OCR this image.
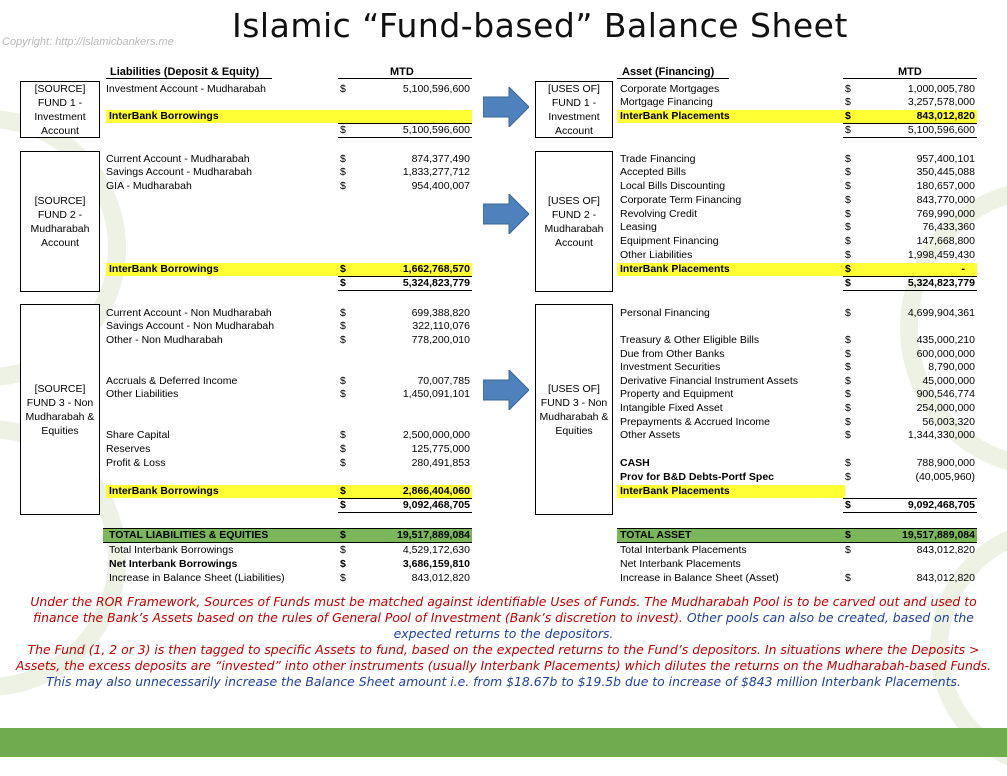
Copyright: http://islamicbankers.me Islamic “Fund-based” Balance Sheet
Liabilities (Deposit & Equity)	MTD	Asset (Financing)	MTD
[SOURCE] FUND 1 - Investment Account
[USES OF] FUND 1 - Investment Account
[SOURCE] FUND 2 - Mudharabah Account
[USES OF] FUND 2 - Mudharabah Account
[SOURCE] FUND 3 - Non Mudharabah & Equities
[USES OF] FUND 3 - Non Mudharabah & Equities
Investment Account - Mudharabah	$	5,100,596,600
InterBank Borrowings
$	5,100,596,600
Current Account - Mudharabah	$	874,377,490
Savings Account - Mudharabah	$	1,833,277,712
GIA - Mudharabah	$	954,400,007
InterBank Borrowings	$	1,662,768,570
$	5,324,823,779
Current Account - Non Mudharabah	$	699,388,820
Savings Account - Non Mudharabah	$	322,110,076
Other - Non Mudharabah	$	778,200,010
Accruals & Deferred Income	$	70,007,785
Other Liabilities	$	1,450,091,101
Share Capital	$	2,500,000,000
Reserves	$	125,775,000
Profit & Loss	$	280,491,853
InterBank Borrowings	$	2,866,404,060
$	9,092,468,705
Corporate Mortgages	$	1,000,005,780
Mortgage Financing	$	3,257,578,000
InterBank Placements	$	843,012,820
$	5,100,596,600
Trade Financing	$	957,400,101
Accepted Bills	$	350,445,088
Local Bills Discounting	$	180,657,000
Corporate Term Financing	$	843,770,000
Revolving Credit	$	769,990,000
Leasing	$	76,433,360
Equipment Financing	$	147,668,800
Other Liabilities	$	1,998,459,430
InterBank Placements	$	-
$	5,324,823,779
Personal Financing	$	4,699,904,361
Treasury & Other Eligible Bills	$	435,000,210
Due from Other Banks	$	600,000,000
Investment Securities	$	8,790,000
Derivative Financial Instrument Assets	$	45,000,000
Property and Equipment	$	900,546,774
Intangible Fixed Asset	$	254,000,000
Prepayments & Accrued Income	$	56,003,320
Other Assets	$	1,344,330,000
CASH	$	788,900,000
Prov for B&D Debts-Portf Spec	$	(40,005,960)
InterBank Placements
$	9,092,468,705
TOTAL LIABILITIES & EQUITIES	$	19,517,889,084	TOTAL ASSET	$	19,517,889,084
Total Interbank Borrowings	$	4,529,172,630
Net Interbank Borrowings	$	3,686,159,810
Increase in Balance Sheet (Liabilities)	$	843,012,820
Total Interbank Placements	$	843,012,820
Net Interbank Placements
Increase in Balance Sheet (Asset)	$	843,012,820
Under the ROR Framework, Sources of Funds must be matched against identifiable Uses of Funds. The Mudharabah Pool is to be carved out and used to finance the Bank’s Assets based on the rules of General Pool of Investment (Bank’s discretion to invest). Other pools can also be created, based on the expected returns to the depositors.
The Fund (1, 2 or 3) is then tagged to specific Assets to fund, based on the expected returns to the Fund’s depositors. In situations where the Deposits > Assets, the excess deposits are “invested” into other instruments (usually Interbank Placements) which dilutes the returns on the Mudharabah-based Funds. This may also unnecessarily increase the Balance Sheet amount i.e. from $18.67b to $19.5b due to increase of $843 million Interbank Placements.
